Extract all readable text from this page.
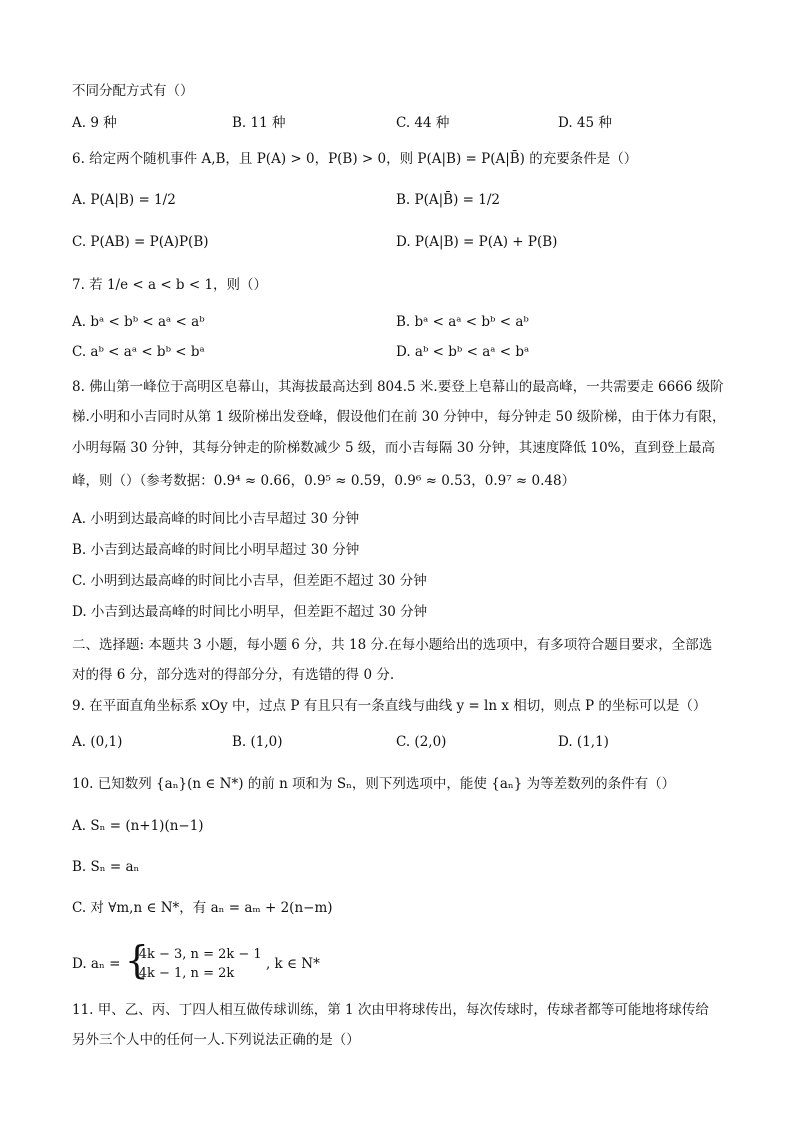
不同分配方式有（）
A. 9 种	B. 11 种	C. 44 种	D. 45 种
6. 给定两个随机事件 A,B，且 P(A) > 0，P(B) > 0，则 P(A|B) = P(A|B̄) 的充要条件是（）
A. P(A|B) = 1/2	B. P(A|B̄) = 1/2
C. P(AB) = P(A)P(B)	D. P(A|B) = P(A) + P(B)
7. 若 1/e < a < b < 1，则（）
A. bᵃ < bᵇ < aᵃ < aᵇ	B. bᵃ < aᵃ < bᵇ < aᵇ
C. aᵇ < aᵃ < bᵇ < bᵃ	D. aᵇ < bᵇ < aᵃ < bᵃ
8. 佛山第一峰位于高明区皂幕山，其海拔最高达到 804.5 米.要登上皂幕山的最高峰，一共需要走 6666 级阶
梯.小明和小吉同时从第 1 级阶梯出发登峰，假设他们在前 30 分钟中，每分钟走 50 级阶梯，由于体力有限，
小明每隔 30 分钟，其每分钟走的阶梯数减少 5 级，而小吉每隔 30 分钟，其速度降低 10%，直到登上最高
峰，则（）（参考数据：0.9⁴ ≈ 0.66，0.9⁵ ≈ 0.59，0.9⁶ ≈ 0.53，0.9⁷ ≈ 0.48）
A. 小明到达最高峰的时间比小吉早超过 30 分钟
B. 小吉到达最高峰的时间比小明早超过 30 分钟
C. 小明到达最高峰的时间比小吉早，但差距不超过 30 分钟
D. 小吉到达最高峰的时间比小明早，但差距不超过 30 分钟
二、选择题: 本题共 3 小题，每小题 6 分，共 18 分.在每小题给出的选项中，有多项符合题目要求，全部选
对的得 6 分，部分选对的得部分分，有选错的得 0 分.
9. 在平面直角坐标系 xOy 中，过点 P 有且只有一条直线与曲线 y = ln x 相切，则点 P 的坐标可以是（）
A. (0,1)	B. (1,0)	C. (2,0)	D. (1,1)
10. 已知数列 {aₙ}(n ∈ N*) 的前 n 项和为 Sₙ，则下列选项中，能使 {aₙ} 为等差数列的条件有（）
A. Sₙ = (n+1)(n−1)
B. Sₙ = aₙ
C. 对 ∀m,n ∈ N*，有 aₙ = aₘ + 2(n−m)
D. aₙ = {
4k − 3, n = 2k − 1
4k − 1, n = 2k
, k ∈ N*
11. 甲、乙、丙、丁四人相互做传球训练，第 1 次由甲将球传出，每次传球时，传球者都等可能地将球传给
另外三个人中的任何一人.下列说法正确的是（）
